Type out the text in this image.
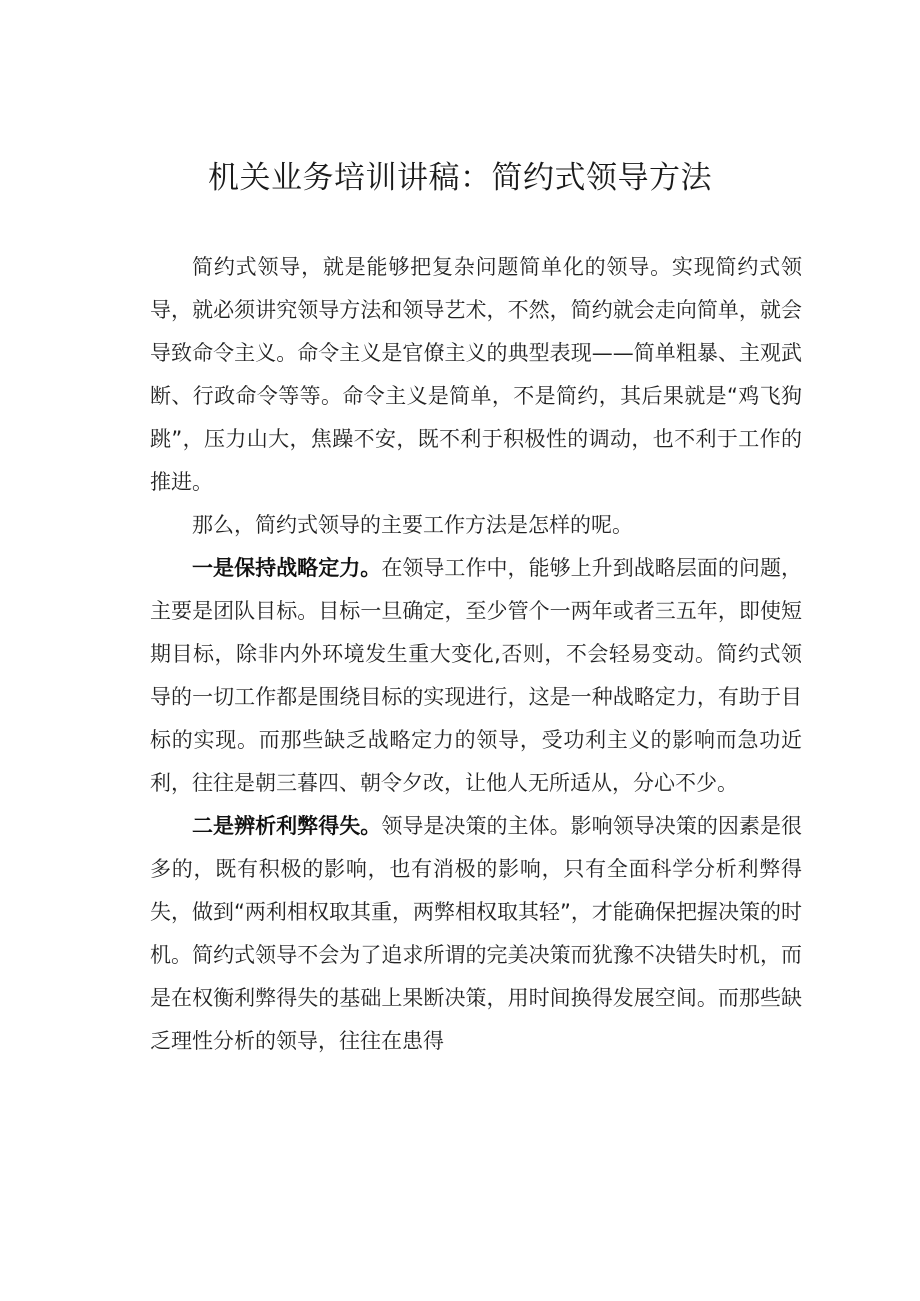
机关业务培训讲稿：简约式领导方法

简约式领导，就是能够把复杂问题简单化的领导。实现简约式领导，就必须讲究领导方法和领导艺术，不然，简约就会走向简单，就会导致命令主义。命令主义是官僚主义的典型表现——简单粗暴、主观武断、行政命令等等。命令主义是简单，不是简约，其后果就是“鸡飞狗跳”，压力山大，焦躁不安，既不利于积极性的调动，也不利于工作的推进。

那么，简约式领导的主要工作方法是怎样的呢。

一是保持战略定力。在领导工作中，能够上升到战略层面的问题，主要是团队目标。目标一旦确定，至少管个一两年或者三五年，即使短期目标，除非内外环境发生重大变化,否则，不会轻易变动。简约式领导的一切工作都是围绕目标的实现进行，这是一种战略定力，有助于目标的实现。而那些缺乏战略定力的领导，受功利主义的影响而急功近利，往往是朝三暮四、朝令夕改，让他人无所适从，分心不少。

二是辨析利弊得失。领导是决策的主体。影响领导决策的因素是很多的，既有积极的影响，也有消极的影响，只有全面科学分析利弊得失，做到“两利相权取其重，两弊相权取其轻”，才能确保把握决策的时机。简约式领导不会为了追求所谓的完美决策而犹豫不决错失时机，而是在权衡利弊得失的基础上果断决策，用时间换得发展空间。而那些缺乏理性分析的领导，往往在患得
